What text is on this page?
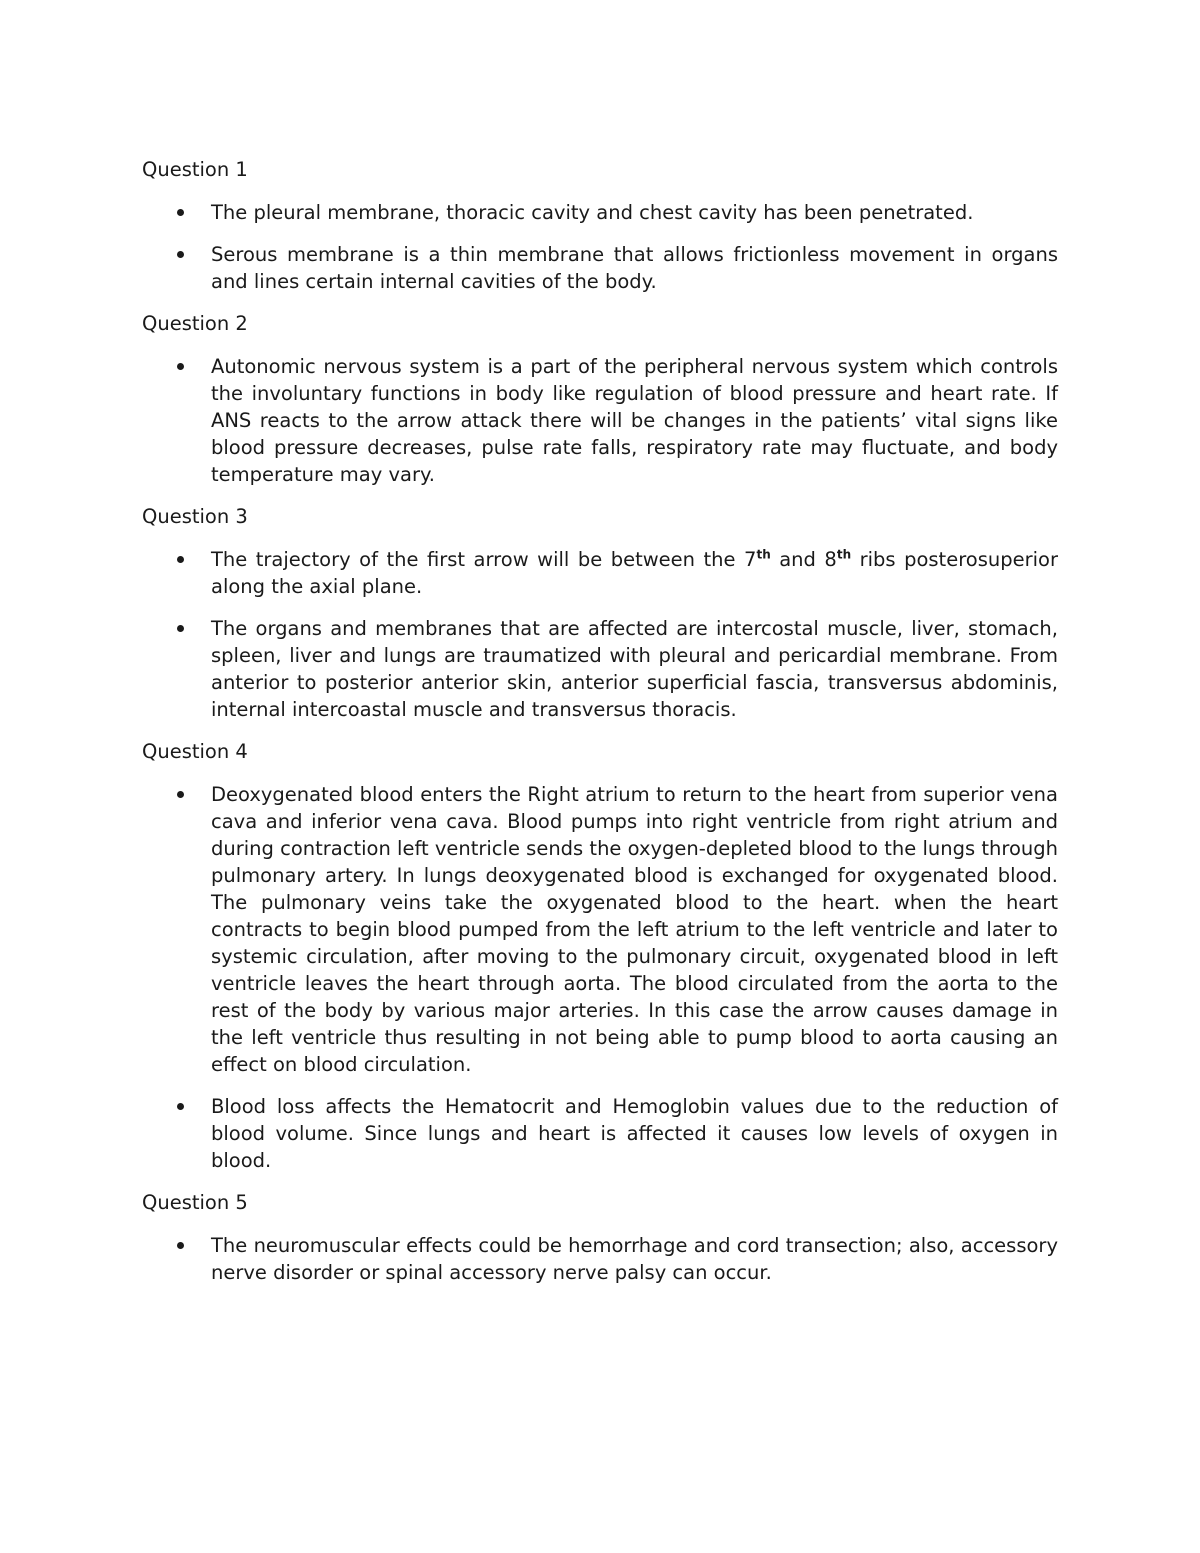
Question 1

The pleural membrane, thoracic cavity and chest cavity has been penetrated.
Serous membrane is a thin membrane that allows frictionless movement in organs and lines certain internal cavities of the body.

Question 2

Autonomic nervous system is a part of the peripheral nervous system which controls the involuntary functions in body like regulation of blood pressure and heart rate. If ANS reacts to the arrow attack there will be changes in the patients’ vital signs like blood pressure decreases, pulse rate falls, respiratory rate may fluctuate, and body temperature may vary.

Question 3

The trajectory of the first arrow will be between the 7th and 8th ribs posterosuperior along the axial plane.
The organs and membranes that are affected are intercostal muscle, liver, stomach, spleen, liver and lungs are traumatized with pleural and pericardial membrane. From anterior to posterior anterior skin, anterior superficial fascia, transversus abdominis, internal intercoastal muscle and transversus thoracis.

Question 4

Deoxygenated blood enters the Right atrium to return to the heart from superior vena cava and inferior vena cava. Blood pumps into right ventricle from right atrium and during contraction left ventricle sends the oxygen-depleted blood to the lungs through pulmonary artery. In lungs deoxygenated blood is exchanged for oxygenated blood. The pulmonary veins take the oxygenated blood to the heart. when the heart contracts to begin blood pumped from the left atrium to the left ventricle and later to systemic circulation, after moving to the pulmonary circuit, oxygenated blood in left ventricle leaves the heart through aorta. The blood circulated from the aorta to the rest of the body by various major arteries. In this case the arrow causes damage in the left ventricle thus resulting in not being able to pump blood to aorta causing an effect on blood circulation.
Blood loss affects the Hematocrit and Hemoglobin values due to the reduction of blood volume. Since lungs and heart is affected it causes low levels of oxygen in blood.

Question 5

The neuromuscular effects could be hemorrhage and cord transection; also, accessory nerve disorder or spinal accessory nerve palsy can occur.
